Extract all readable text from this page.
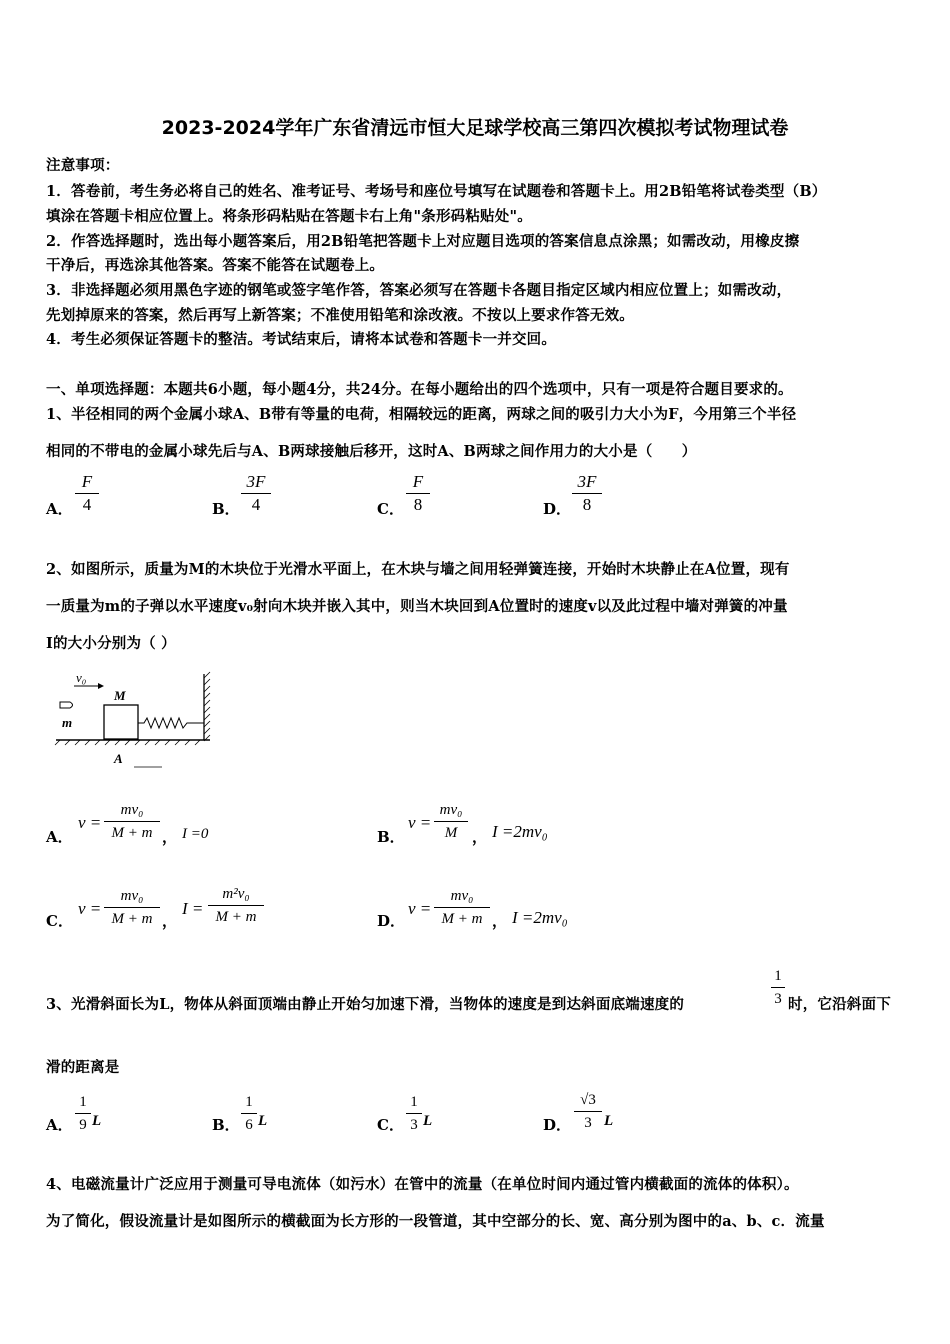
2023-2024学年广东省清远市恒大足球学校高三第四次模拟考试物理试卷
注意事项：
1．答卷前，考生务必将自己的姓名、准考证号、考场号和座位号填写在试题卷和答题卡上。用2B铅笔将试卷类型（B）
填涂在答题卡相应位置上。将条形码粘贴在答题卡右上角"条形码粘贴处"。
2．作答选择题时，选出每小题答案后，用2B铅笔把答题卡上对应题目选项的答案信息点涂黑；如需改动，用橡皮擦
干净后，再选涂其他答案。答案不能答在试题卷上。
3．非选择题必须用黑色字迹的钢笔或签字笔作答，答案必须写在答题卡各题目指定区域内相应位置上；如需改动，
先划掉原来的答案，然后再写上新答案；不准使用铅笔和涂改液。不按以上要求作答无效。
4．考生必须保证答题卡的整洁。考试结束后，请将本试卷和答题卡一并交回。
一、单项选择题：本题共6小题，每小题4分，共24分。在每小题给出的四个选项中，只有一项是符合题目要求的。
1、半径相同的两个金属小球A、B带有等量的电荷，相隔较远的距离，两球之间的吸引力大小为F，今用第三个半径
相同的不带电的金属小球先后与A、B两球接触后移开，这时A、B两球之间作用力的大小是（　　）
A．
F
4	B．
3F
4	C．
F
8	D．
3F
8
2、如图所示，质量为M的木块位于光滑水平面上，在木块与墙之间用轻弹簧连接，开始时木块静止在A位置，现有
一质量为m的子弹以水平速度v₀射向木块并嵌入其中，则当木块回到A位置时的速度v以及此过程中墙对弹簧的冲量
I的大小分别为（ ）
v₀
m
M
A
A．
v =
mv₀
M + m ， I =0	B．
v =
mv₀
M ， I =2mv₀
C．
v =
mv₀
M + m ，
I =
m²v₀
M + m	D．
v =
mv₀
M + m ， I =2mv₀
3、光滑斜面长为L，物体从斜面顶端由静止开始匀加速下滑，当物体的速度是到达斜面底端速度的
1
3 时，它沿斜面下
滑的距离是
A．
1
9 L	B．
1
6 L	C．
1
3 L	D．
√3
3 L
4、电磁流量计广泛应用于测量可导电流体（如污水）在管中的流量（在单位时间内通过管内横截面的流体的体积）。
为了简化，假设流量计是如图所示的横截面为长方形的一段管道，其中空部分的长、宽、高分别为图中的a、b、c．流量
